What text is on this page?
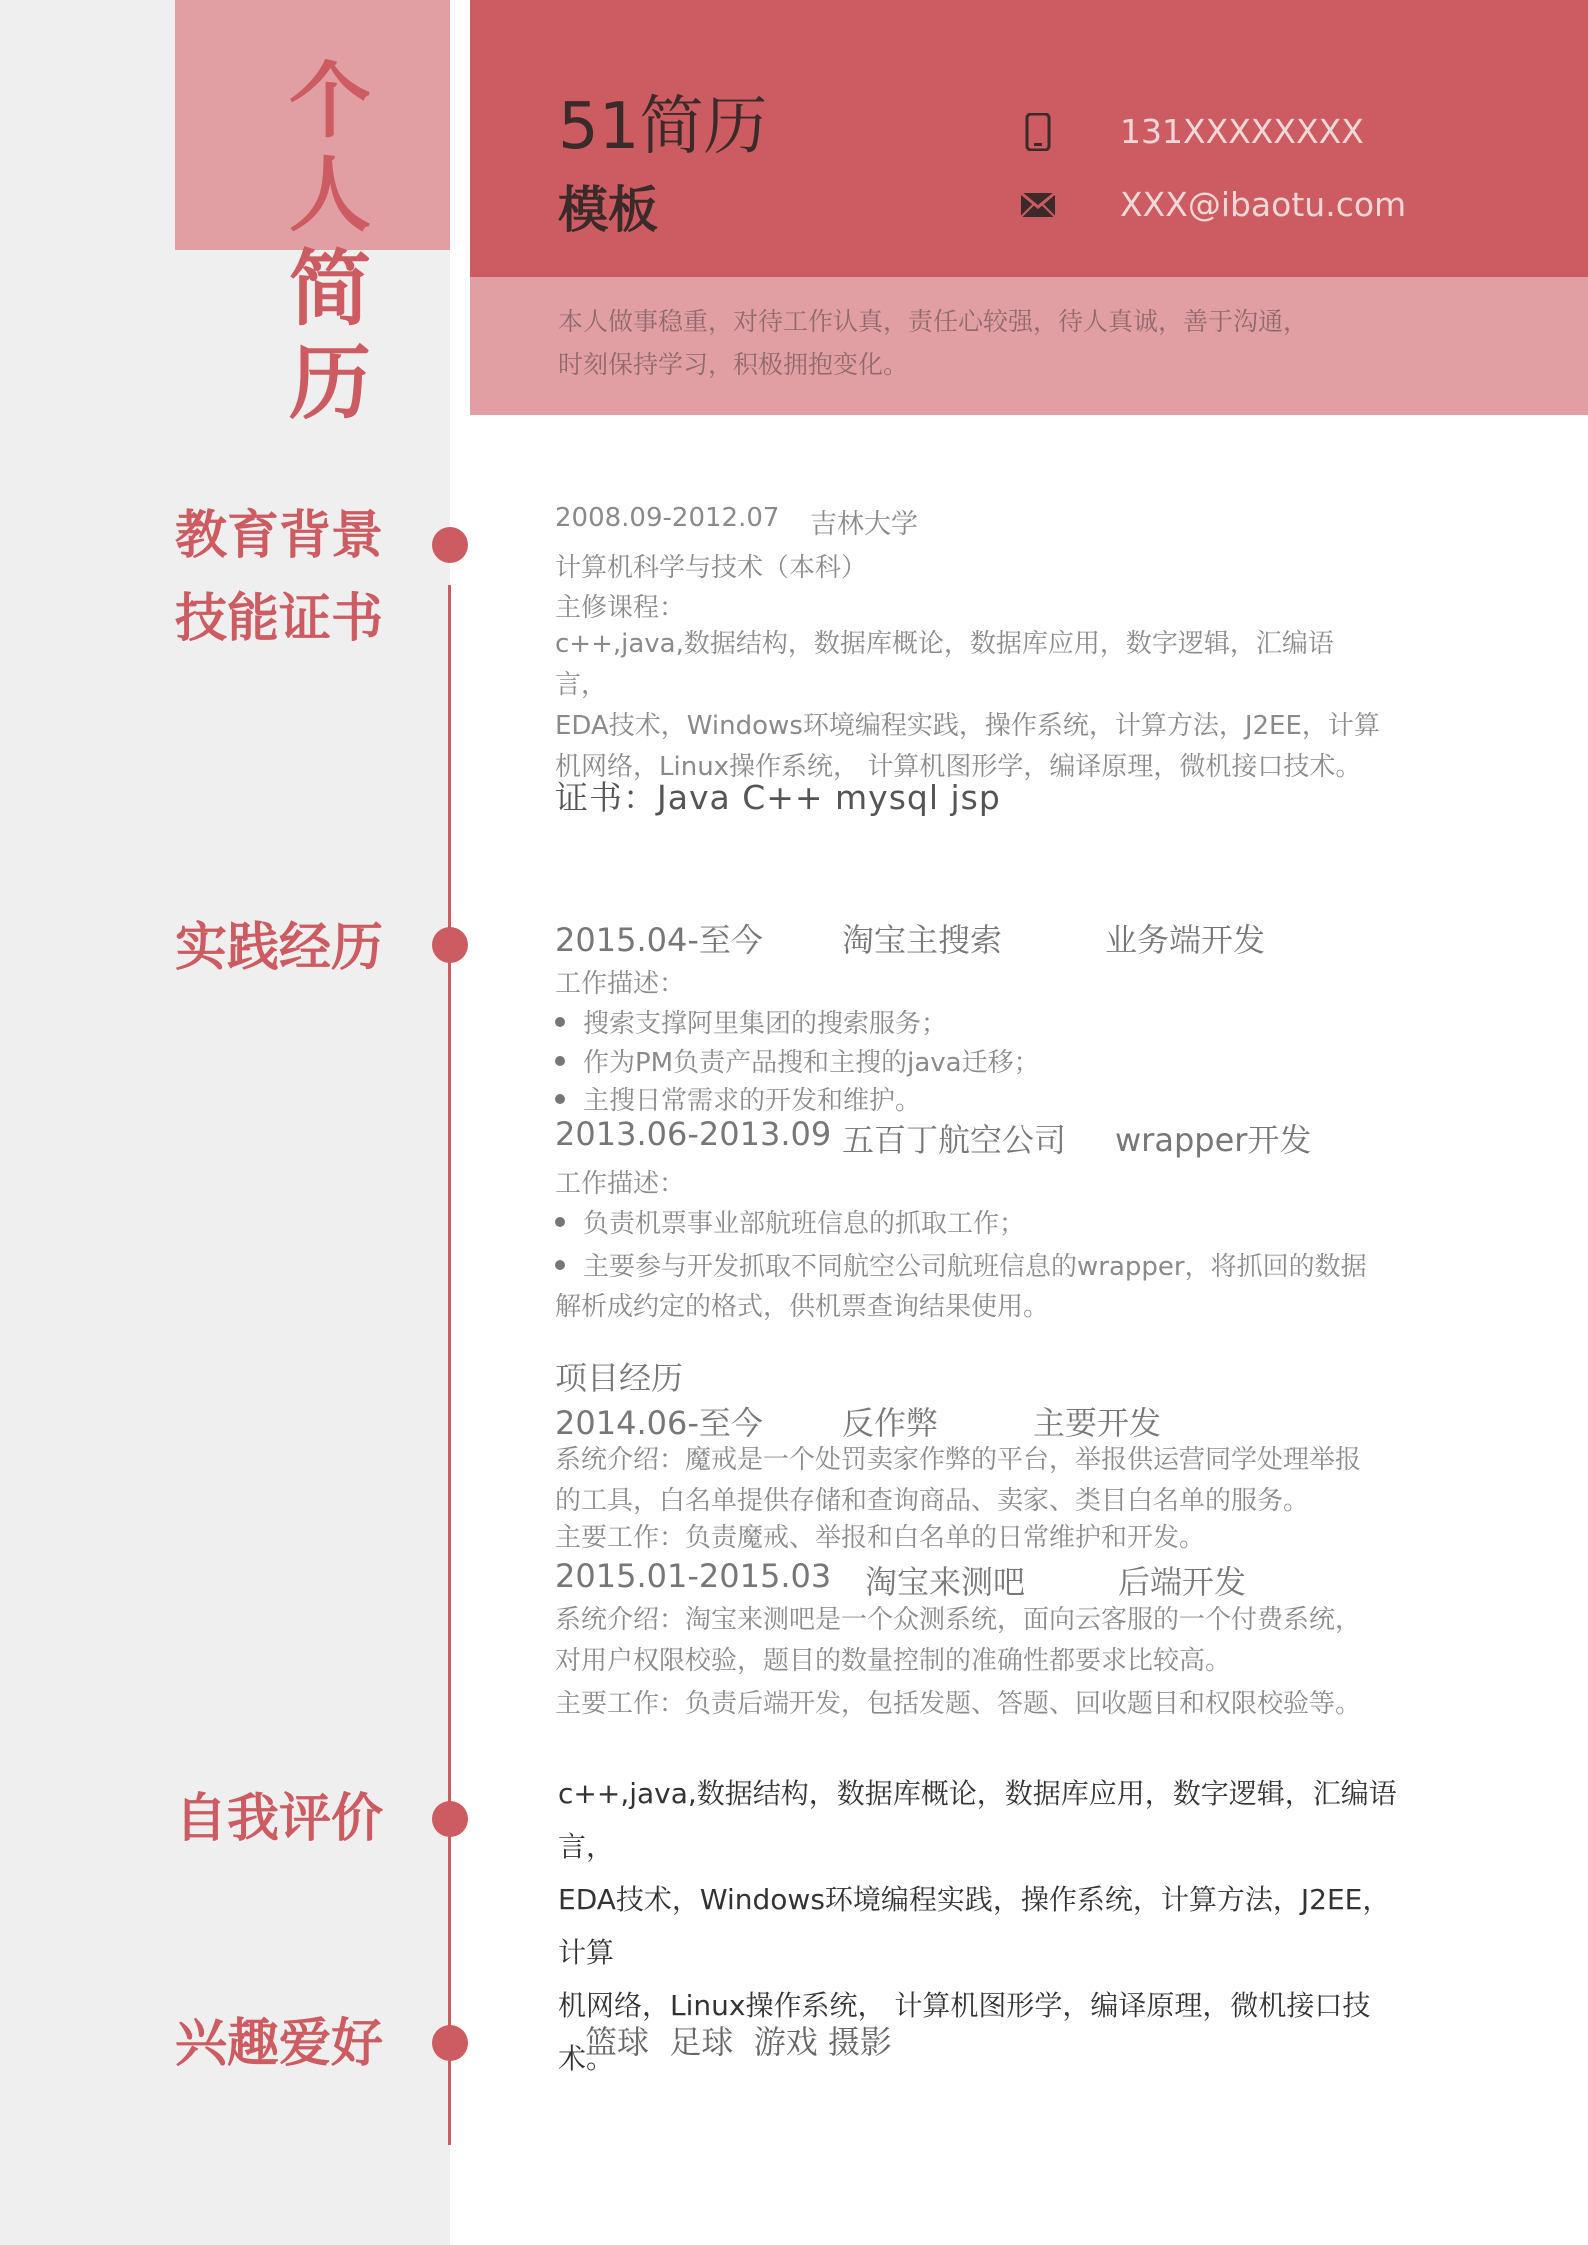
个
人
简
历
51简历
模板
131XXXXXXXX
XXX@ibaotu.com
本人做事稳重，对待工作认真，责任心较强，待人真诚，善于沟通，
时刻保持学习，积极拥抱变化。
教育背景
技能证书
2008.09-2012.07 吉林大学
计算机科学与技术（本科）
主修课程：
c++,java,数据结构，数据库概论，数据库应用，数字逻辑，汇编语言，
EDA技术，Windows环境编程实践，操作系统，计算方法，J2EE，计算
机网络，Linux操作系统， 计算机图形学，编译原理，微机接口技术。
证书：Java C++ mysql jsp
实践经历	2015.04-至今 淘宝主搜索	业务端开发
工作描述：
搜索支撑阿里集团的搜索服务；
作为PM负责产品搜和主搜的java迁移；
主搜日常需求的开发和维护。
2013.06-2013.09 五百丁航空公司 wrapper开发
工作描述：
负责机票事业部航班信息的抓取工作；
主要参与开发抓取不同航空公司航班信息的wrapper，将抓回的数据
解析成约定的格式，供机票查询结果使用。
项目经历
2014.06-至今 反作弊	主要开发
系统介绍：魔戒是一个处罚卖家作弊的平台，举报供运营同学处理举报
的工具，白名单提供存储和查询商品、卖家、类目白名单的服务。
主要工作：负责魔戒、举报和白名单的日常维护和开发。
2015.01-2015.03 淘宝来测吧	后端开发
系统介绍：淘宝来测吧是一个众测系统，面向云客服的一个付费系统，
对用户权限校验，题目的数量控制的准确性都要求比较高。
主要工作：负责后端开发，包括发题、答题、回收题目和权限校验等。
自我评价	c++,java,数据结构，数据库概论，数据库应用，数字逻辑，汇编语言，
EDA技术，Windows环境编程实践，操作系统，计算方法，J2EE，计算
机网络，Linux操作系统， 计算机图形学，编译原理，微机接口技术。
兴趣爱好	篮球  足球  游戏 摄影
